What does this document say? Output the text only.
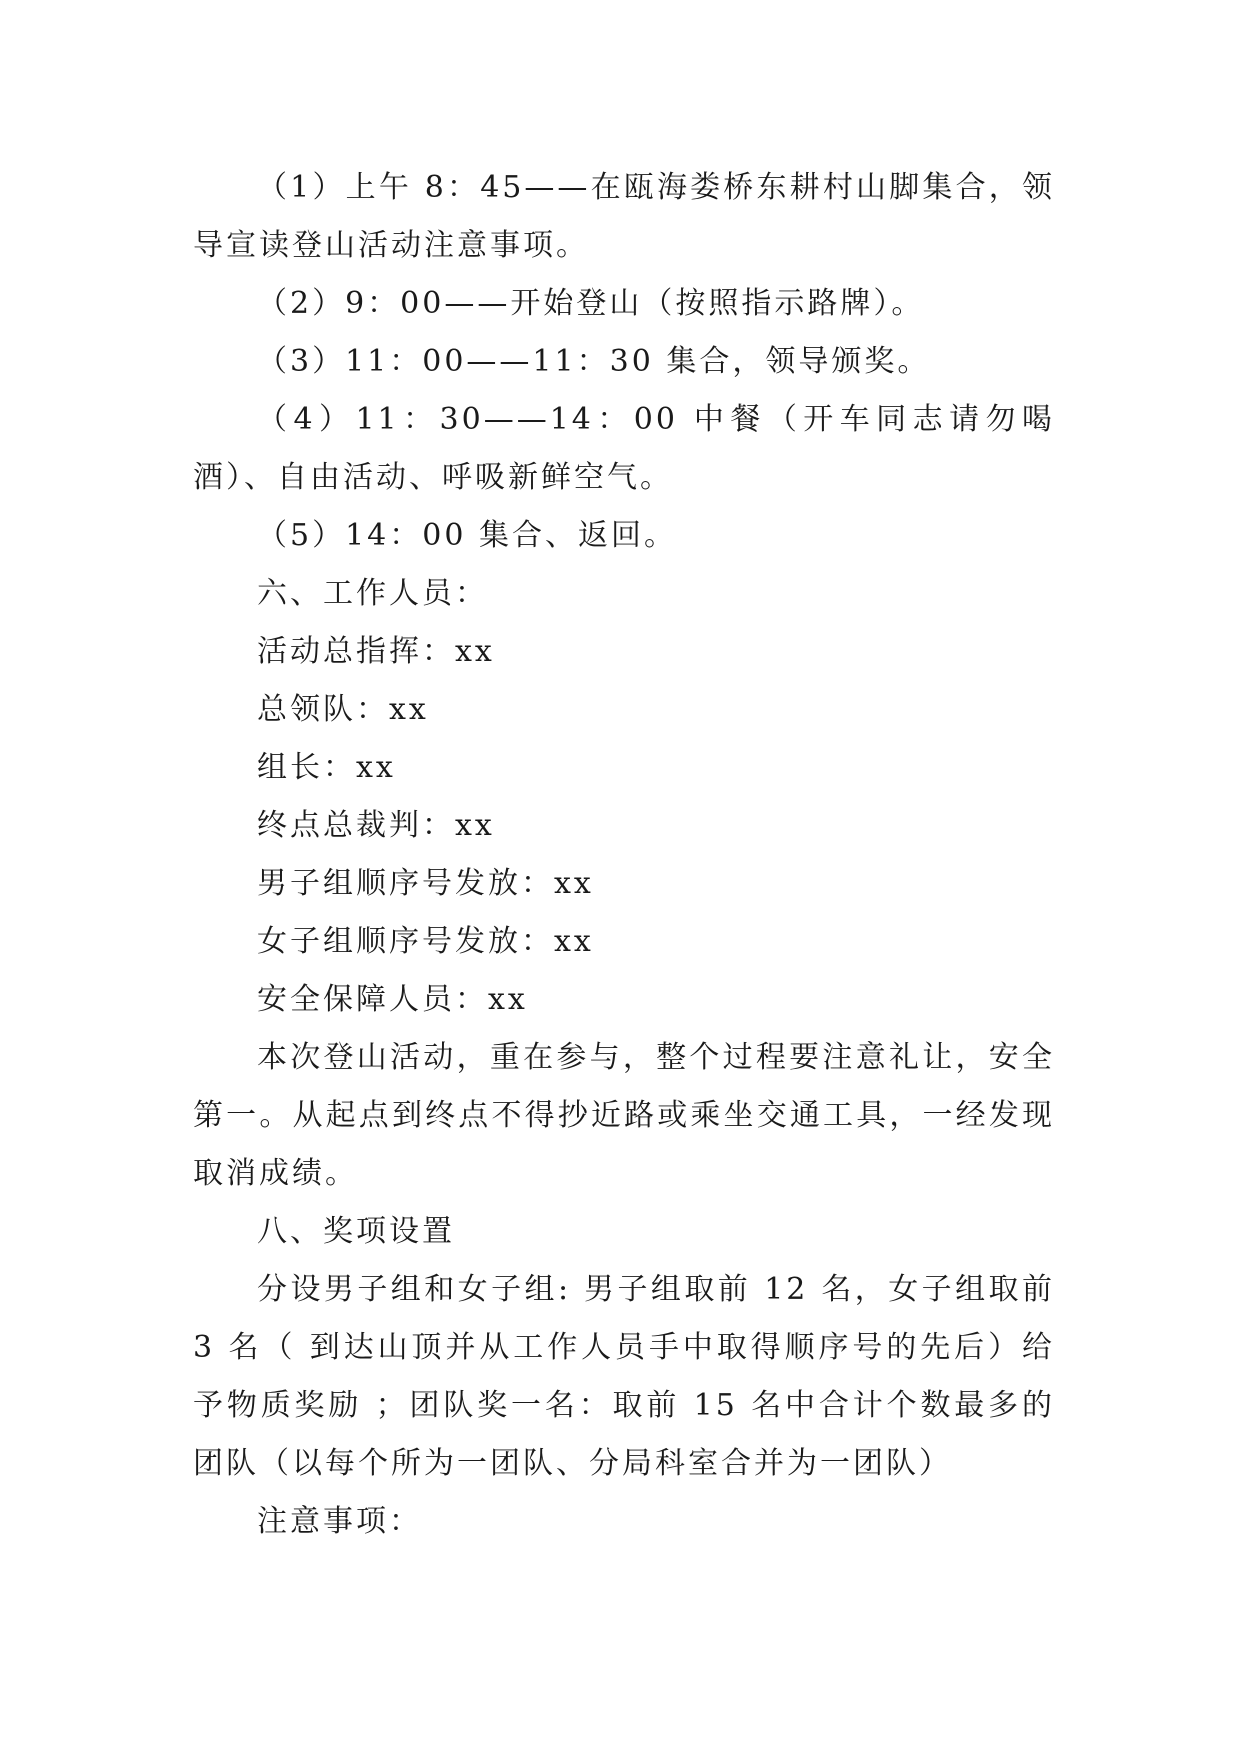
（1）上午 8：45——在瓯海娄桥东耕村山脚集合，领导宣读登山活动注意事项。

（2）9：00——开始登山（按照指示路牌）。

（3）11：00——11：30 集合，领导颁奖。

（4）11：30——14：00 中餐（开车同志请勿喝酒）、自由活动、呼吸新鲜空气。

（5）14：00 集合、返回。

六、工作人员：

活动总指挥：xx

总领队：xx

组长：xx

终点总裁判：xx

男子组顺序号发放：xx

女子组顺序号发放：xx

安全保障人员：xx

本次登山活动，重在参与，整个过程要注意礼让，安全第一。从起点到终点不得抄近路或乘坐交通工具，一经发现取消成绩。

八、奖项设置

分设男子组和女子组: 男子组取前 12 名，女子组取前 3 名（ 到达山顶并从工作人员手中取得顺序号的先后）给予物质奖励 ；团队奖一名：取前 15 名中合计个数最多的团队（以每个所为一团队、分局科室合并为一团队）

注意事项：
